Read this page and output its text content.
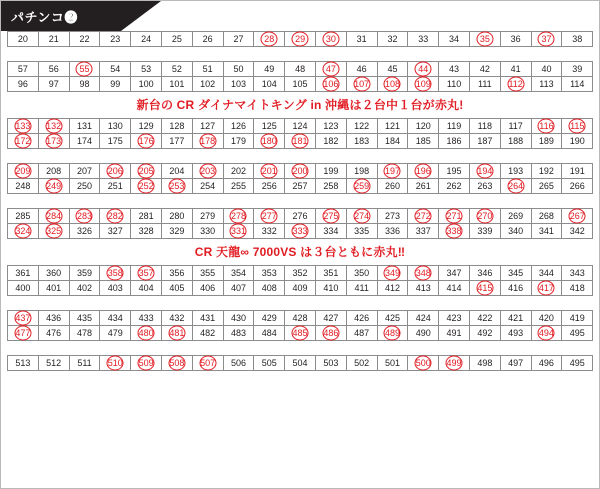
パチンコ❷
20	21	22	23	24	25	26	27	28	29	30	31	32	33	34	35	36	37	38
57	56	55	54	53	52	51	50	49	48	47	46	45	44	43	42	41	40	39
96	97	98	99	100	101	102	103	104	105	106	107	108	109	110	111	112	113	114
新台の CR ダイナマイトキング in 沖縄は２台中１台が赤丸!
133	132	131	130	129	128	127	126	125	124	123	122	121	120	119	118	117	116	115
172	173	174	175	176	177	178	179	180	181	182	183	184	185	186	187	188	189	190
209	208	207	206	205	204	203	202	201	200	199	198	197	196	195	194	193	192	191
248	249	250	251	252	253	254	255	256	257	258	259	260	261	262	263	264	265	266
285	284	283	282	281	280	279	278	277	276	275	274	273	272	271	270	269	268	267
324	325	326	327	328	329	330	331	332	333	334	335	336	337	338	339	340	341	342
CR 天龍∞ 7000VS は３台ともに赤丸‼
361	360	359	358	357	356	355	354	353	352	351	350	349	348	347	346	345	344	343
400	401	402	403	404	405	406	407	408	409	410	411	412	413	414	415	416	417	418
437	436	435	434	433	432	431	430	429	428	427	426	425	424	423	422	421	420	419
477	476	478	479	480	481	482	483	484	485	486	487	489	490	491	492	493	494	495
513	512	511	510	509	508	507	506	505	504	503	502	501	500	499	498	497	496	495
